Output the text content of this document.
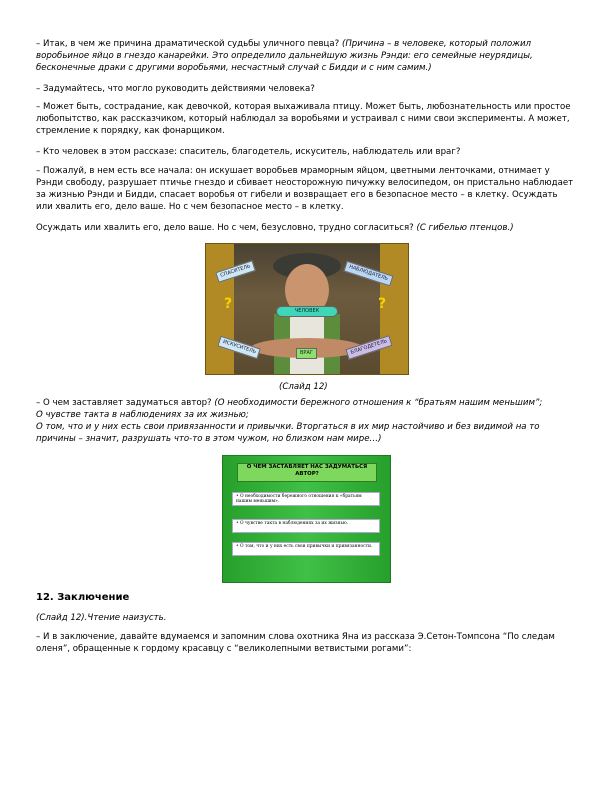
– Итак, в чем же причина драматической судьбы уличного певца? (Причина – в человеке, который положил воробьиное яйцо в гнездо канарейки. Это определило дальнейшую жизнь Рэнди: его семейные неурядицы, бесконечные драки с другими воробьями, несчастный случай с Бидди и с ним самим.)

– Задумайтесь, что могло руководить действиями человека?

– Может быть, сострадание, как девочкой, которая выхаживала птицу. Может быть, любознательность или простое любопытство, как рассказчиком, который наблюдал за воробьями и устраивал с ними свои эксперименты. А может, стремление к порядку, как фонарщиком.

– Кто человек в этом рассказе: спаситель, благодетель, искуситель, наблюдатель или враг?

– Пожалуй, в нем есть все начала: он искушает воробьев мраморным яйцом, цветными ленточками, отнимает у Рэнди свободу, разрушает птичье гнездо и сбивает неосторожную пичужку велосипедом, он пристально наблюдает за жизнью Рэнди и Бидди, спасает воробья от гибели и возвращает его в безопасное место – в клетку. Осуждать или хвалить его, дело ваше. Но с чем безопасное место – в клетку.

Осуждать или хвалить его, дело ваше. Но с чем, безусловно, трудно согласиться? (С гибелью птенцов.)

СПАСИТЕЛЬ	НАБЛЮДАТЕЛЬ
ЧЕЛОВЕК
ИСКУСИТЕЛЬ	БЛАГОДЕТЕЛЬ
ВРАГ
?	?
(Слайд 12)

– О чем заставляет задуматься автор? (О необходимости бережного отношения к “братьям нашим меньшим”;

О чувстве такта в наблюдениях за их жизнью;

О том, что и у них есть свои привязанности и привычки. Вторгаться в их мир настойчиво и без видимой на то причины – значит, разрушать что-то в этом чужом, но близком нам мире…)

О ЧЕМ ЗАСТАВЛЯЕТ НАС ЗАДУМАТЬСЯ АВТОР?
• О необходимости бережного отношения к «братьям нашим меньшим».
• О чувстве такта в наблюдениях за их жизнью.
• О том, что и у них есть свои привычки и привязанности.
12. Заключение

(Слайд 12).Чтение наизусть.

– И в заключение, давайте вдумаемся и запомним слова охотника Яна из рассказа Э.Сетон-Томпсона “По следам оленя”, обращенные к гордому красавцу с “великолепными ветвистыми рогами”:
